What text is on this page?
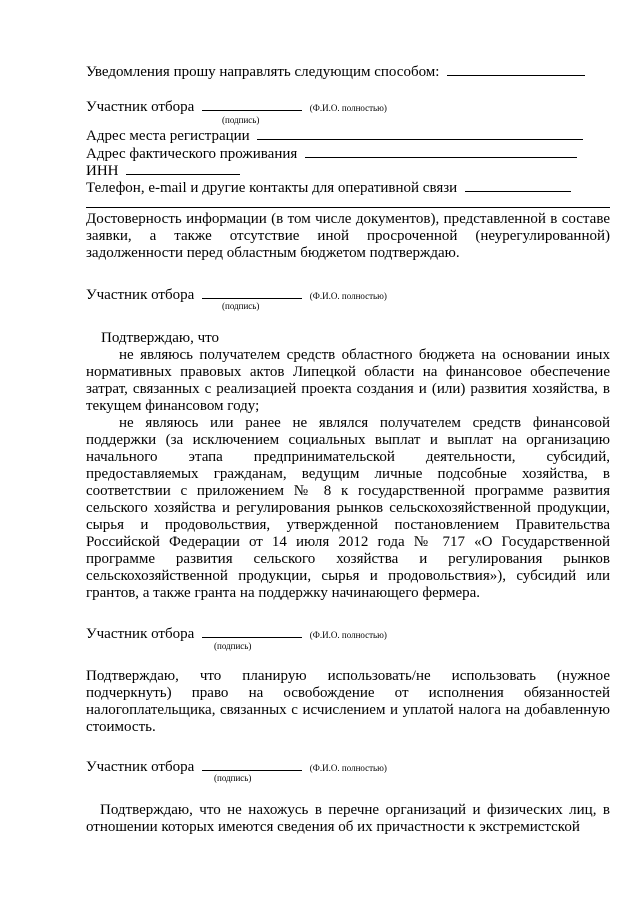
Уведомления прошу направлять следующим способом:
Участник отбора	(Ф.И.О. полностью)
(подпись)
Адрес места регистрации
Адрес фактического проживания
ИНН
Телефон, e-mail и другие контакты для оперативной связи

Достоверность информации (в том числе документов), представленной в составе заявки, а также отсутствие иной просроченной (неурегулированной) задолженности перед областным бюджетом подтверждаю.

Участник отбора	(Ф.И.О. полностью)
(подпись)
Подтверждаю, что

не являюсь получателем средств областного бюджета на основании иных нормативных правовых актов Липецкой области на финансовое обеспечение затрат, связанных с реализацией проекта создания и (или) развития хозяйства, в текущем финансовом году;

не являюсь или ранее не являлся получателем средств финансовой поддержки (за исключением социальных выплат и выплат на организацию начального этапа предпринимательской деятельности, субсидий, предоставляемых гражданам, ведущим личные подсобные хозяйства, в соответствии с приложением № 8 к государственной программе развития сельского хозяйства и регулирования рынков сельскохозяйственной продукции, сырья и продовольствия, утвержденной постановлением Правительства Российской Федерации от 14 июля 2012 года № 717 «О Государственной программе развития сельского хозяйства и регулирования рынков сельскохозяйственной продукции, сырья и продовольствия»), субсидий или грантов, а также гранта на поддержку начинающего фермера.

Участник отбора	(Ф.И.О. полностью)
(подпись)

Подтверждаю, что планирую использовать/не использовать (нужное подчеркнуть) право на освобождение от исполнения обязанностей налогоплательщика, связанных с исчислением и уплатой налога на добавленную стоимость.

Участник отбора	(Ф.И.О. полностью)
(подпись)

Подтверждаю, что не нахожусь в перечне организаций и физических лиц, в отношении которых имеются сведения об их причастности к экстремистской
